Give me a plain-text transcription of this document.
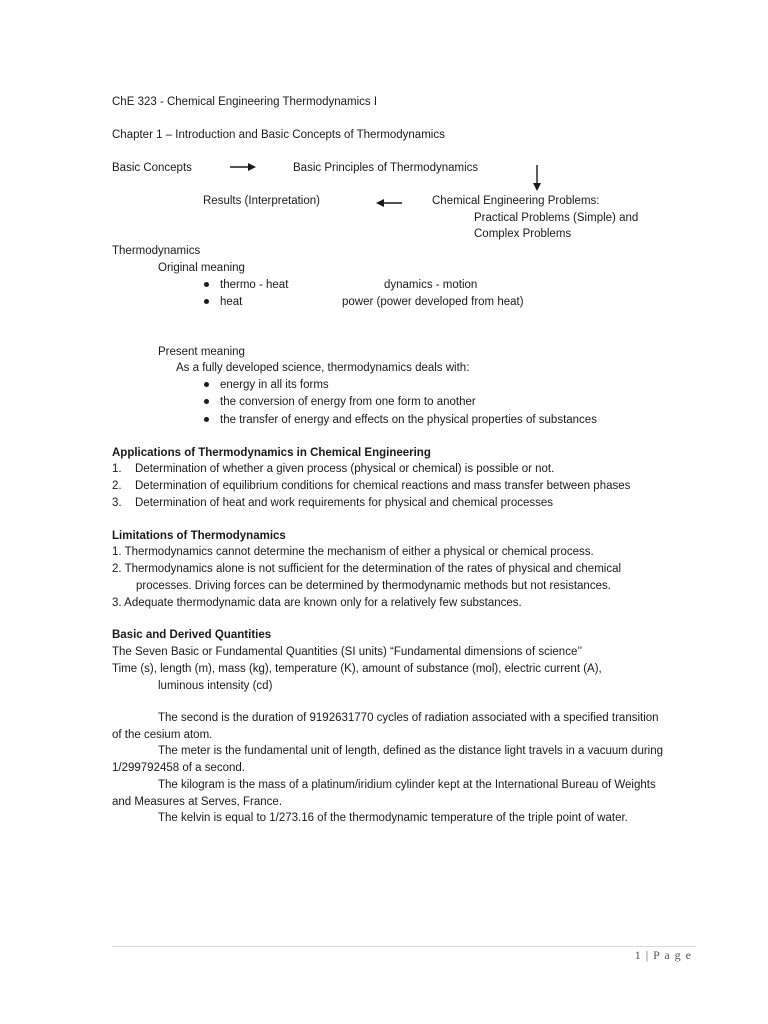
ChE 323 - Chemical Engineering Thermodynamics I
Chapter 1 – Introduction and Basic Concepts of Thermodynamics
Basic Concepts	Basic Principles of Thermodynamics
Results (Interpretation)	Chemical Engineering Problems:
Practical Problems (Simple) and
Complex Problems
Thermodynamics
Original meaning
thermo - heat	dynamics - motion
heat	power (power developed from heat)
Present meaning
As a fully developed science, thermodynamics deals with:
energy in all its forms
the conversion of energy from one form to another
the transfer of energy and effects on the physical properties of substances
Applications of Thermodynamics in Chemical Engineering
1. Determination of whether a given process (physical or chemical) is possible or not.
2. Determination of equilibrium conditions for chemical reactions and mass transfer between phases
3. Determination of heat and work requirements for physical and chemical processes
Limitations of Thermodynamics
1. Thermodynamics cannot determine the mechanism of either a physical or chemical process.
2. Thermodynamics alone is not sufficient for the determination of the rates of physical and chemical
processes. Driving forces can be determined by thermodynamic methods but not resistances.
3. Adequate thermodynamic data are known only for a relatively few substances.
Basic and Derived Quantities
The Seven Basic or Fundamental Quantities (SI units) “Fundamental dimensions of science’’
Time (s), length (m), mass (kg), temperature (K), amount of substance (mol), electric current (A),
luminous intensity (cd)
The second is the duration of 9192631770 cycles of radiation associated with a specified transition
of the cesium atom.
The meter is the fundamental unit of length, defined as the distance light travels in a vacuum during
1/299792458 of a second.
The kilogram is the mass of a platinum/iridium cylinder kept at the International Bureau of Weights
and Measures at Serves, France.
The kelvin is equal to 1/273.16 of the thermodynamic temperature of the triple point of water.
1 | P a g e
